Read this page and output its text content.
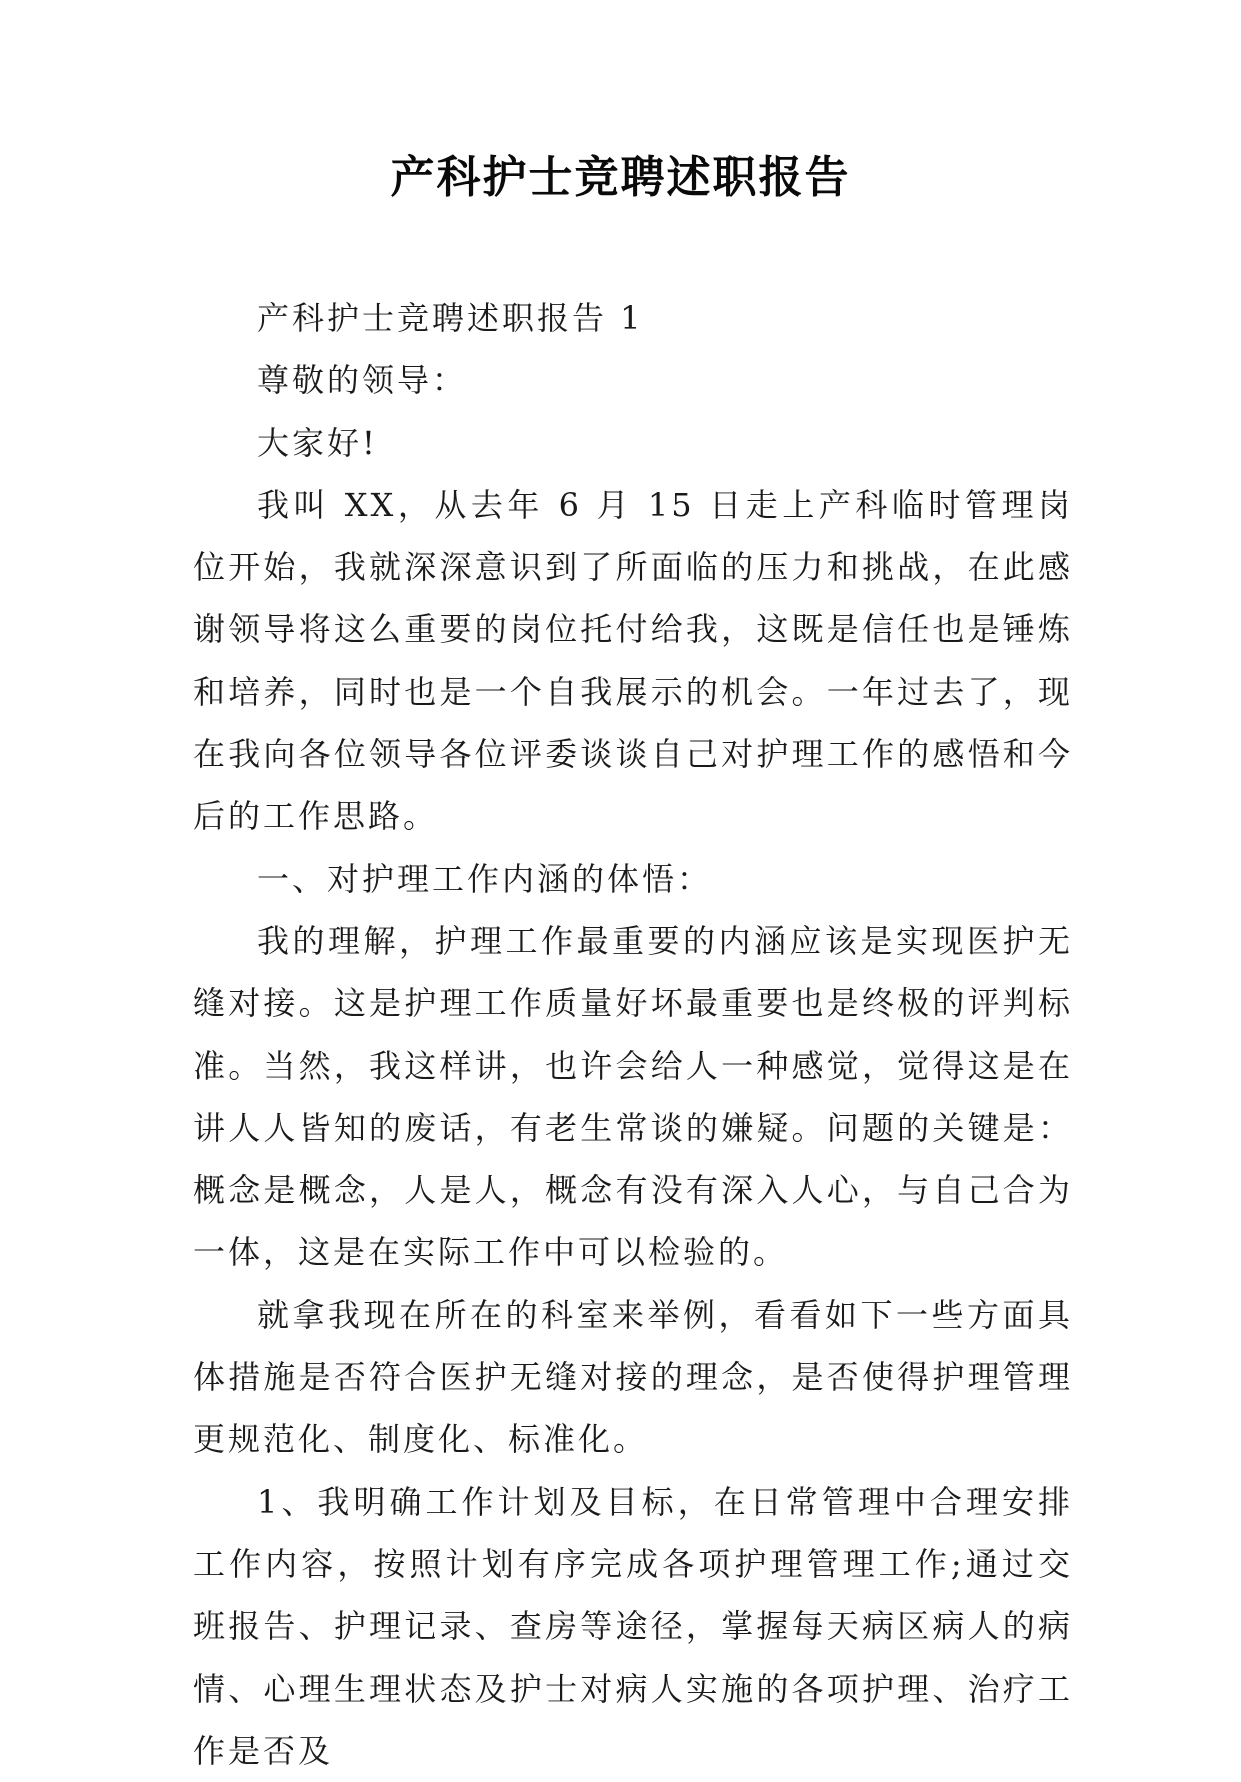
产科护士竞聘述职报告

产科护士竞聘述职报告 1

尊敬的领导：

大家好!

我叫 XX，从去年 6 月 15 日走上产科临时管理岗位开始，我就深深意识到了所面临的压力和挑战，在此感谢领导将这么重要的岗位托付给我，这既是信任也是锤炼和培养，同时也是一个自我展示的机会。一年过去了，现在我向各位领导各位评委谈谈自己对护理工作的感悟和今后的工作思路。

一、对护理工作内涵的体悟：

我的理解，护理工作最重要的内涵应该是实现医护无缝对接。这是护理工作质量好坏最重要也是终极的评判标准。当然，我这样讲，也许会给人一种感觉，觉得这是在讲人人皆知的废话，有老生常谈的嫌疑。问题的关键是：概念是概念，人是人，概念有没有深入人心，与自己合为一体，这是在实际工作中可以检验的。

就拿我现在所在的科室来举例，看看如下一些方面具体措施是否符合医护无缝对接的理念，是否使得护理管理更规范化、制度化、标准化。

1、我明确工作计划及目标，在日常管理中合理安排工作内容，按照计划有序完成各项护理管理工作;通过交班报告、护理记录、查房等途径，掌握每天病区病人的病情、心理生理状态及护士对病人实施的各项护理、治疗工作是否及
